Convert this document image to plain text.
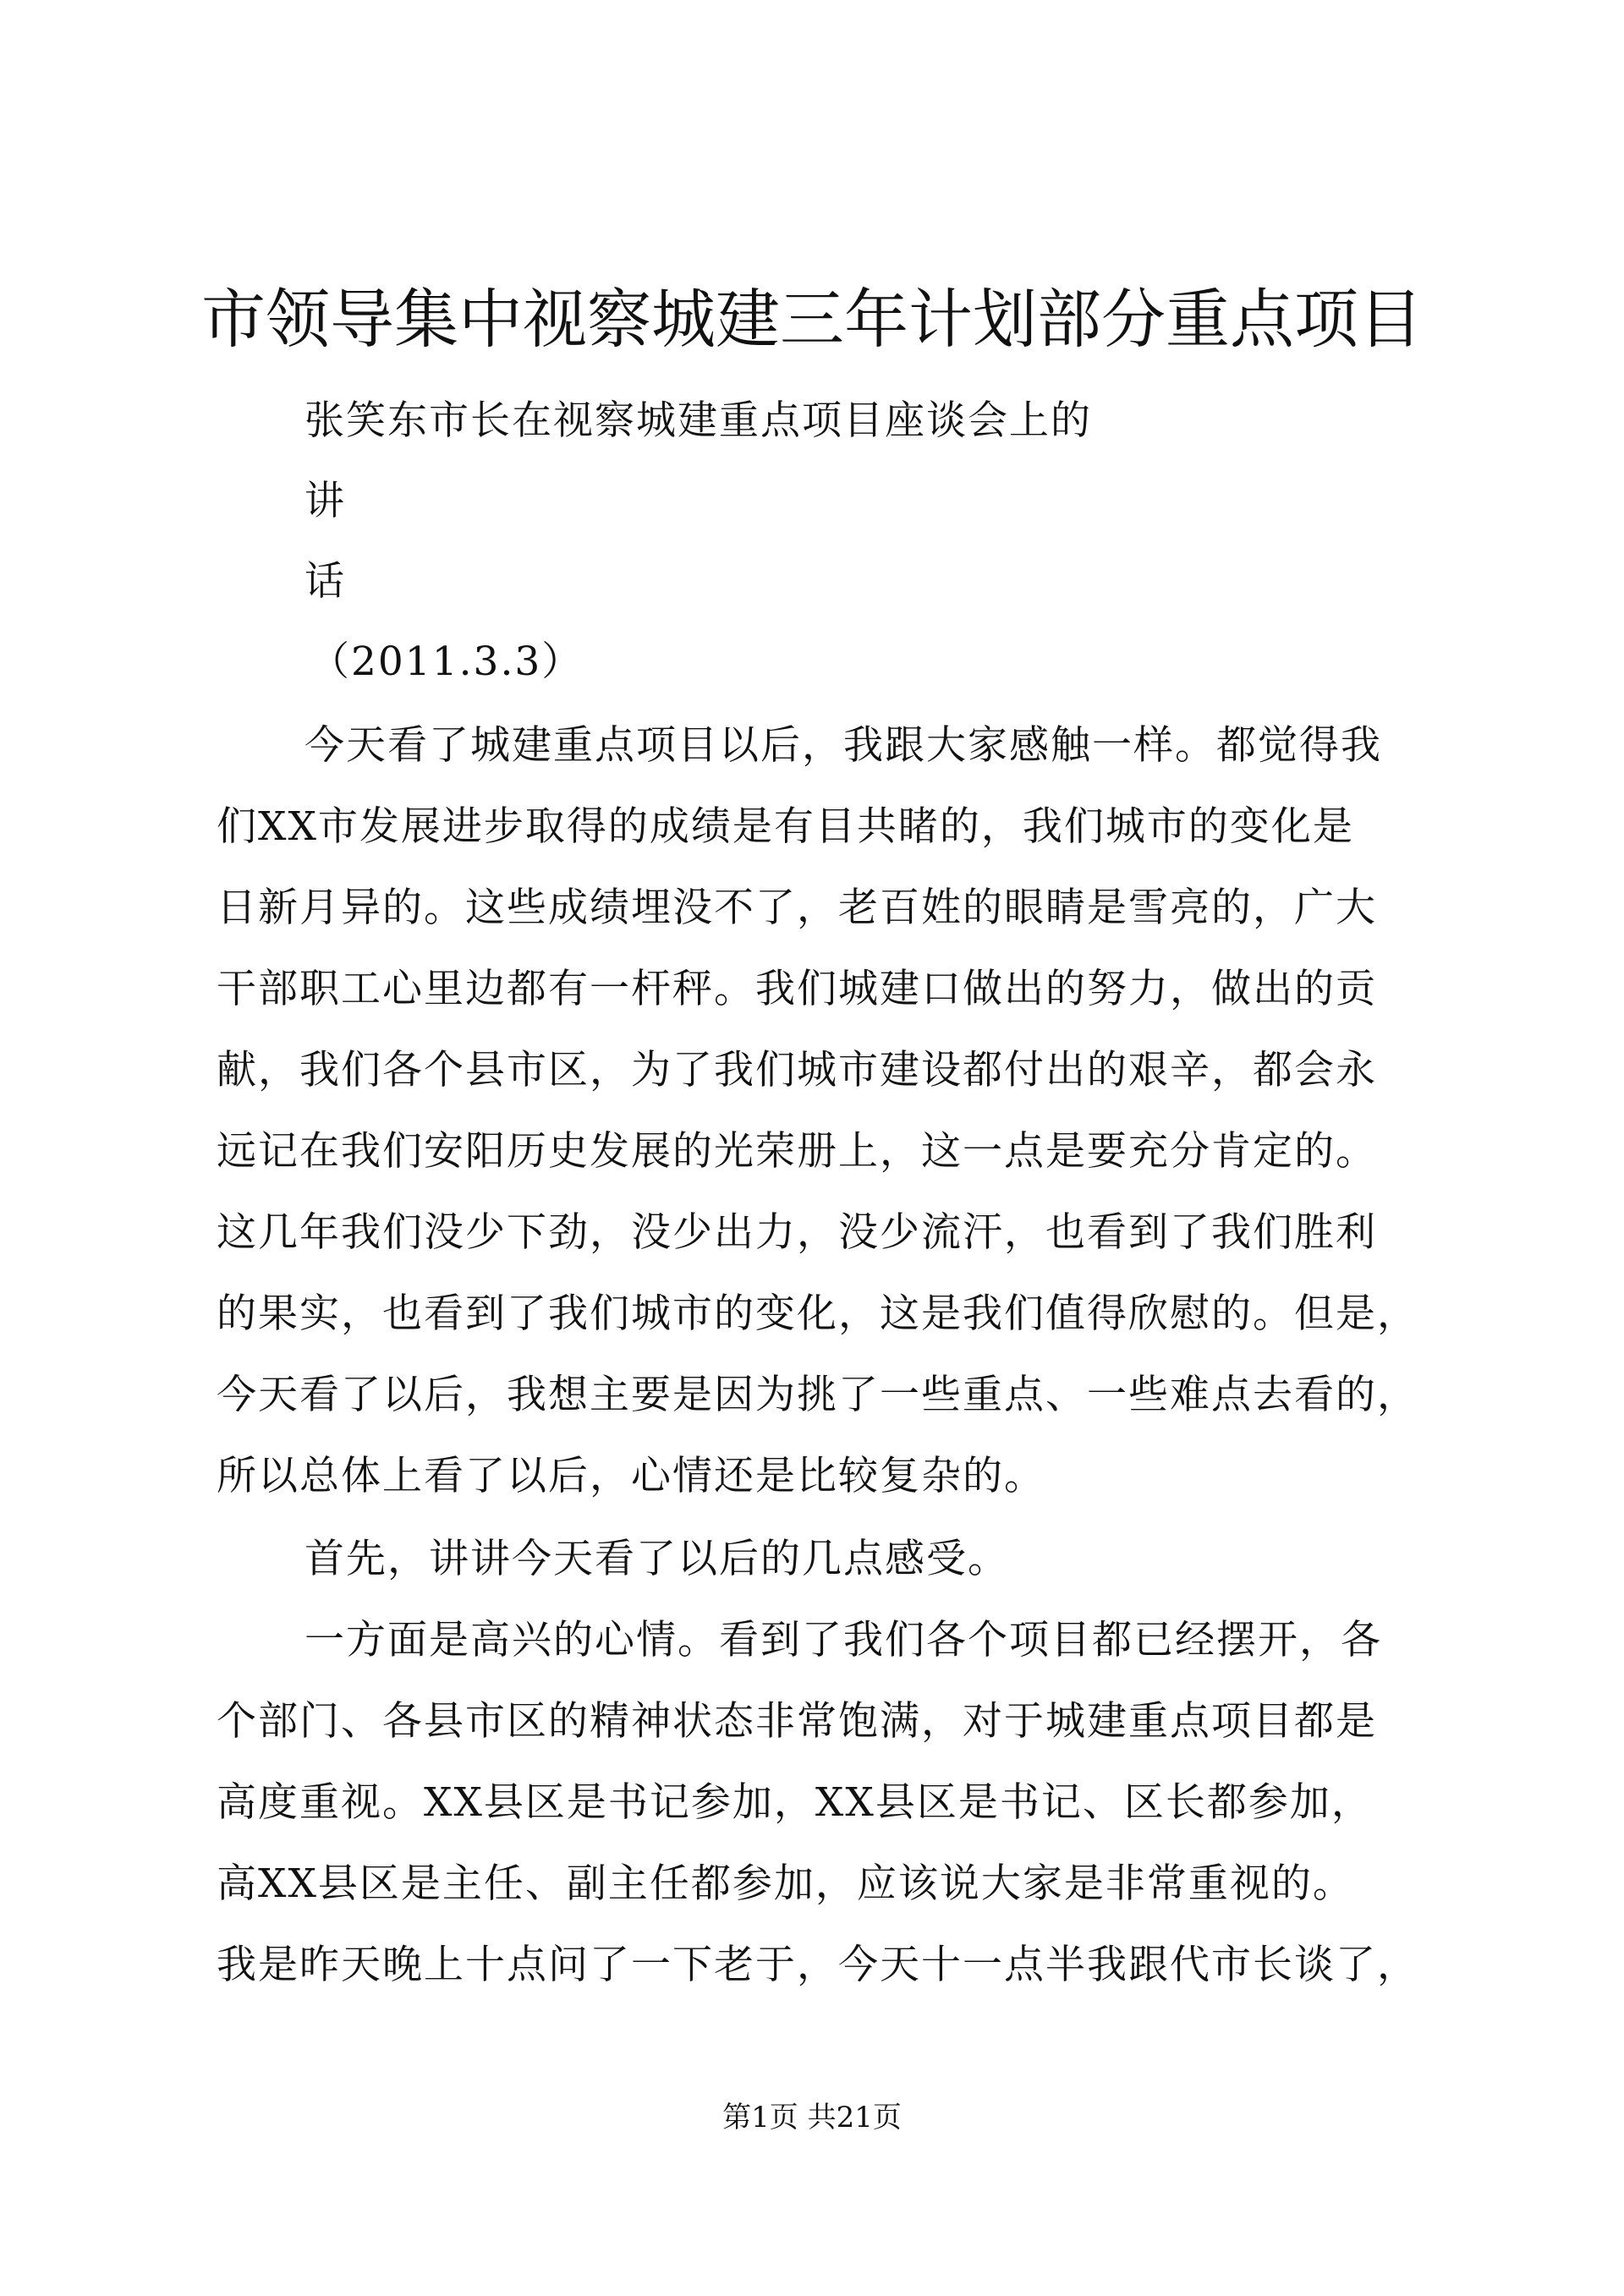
市领导集中视察城建三年计划部分重点项目

张笑东市长在视察城建重点项目座谈会上的

讲

话

（2011.3.3）

今天看了城建重点项目以后，我跟大家感触一样。都觉得我

们XX市发展进步取得的成绩是有目共睹的，我们城市的变化是

日新月异的。这些成绩埋没不了，老百姓的眼睛是雪亮的，广大

干部职工心里边都有一杆秤。我们城建口做出的努力，做出的贡

献，我们各个县市区，为了我们城市建设都付出的艰辛，都会永

远记在我们安阳历史发展的光荣册上，这一点是要充分肯定的。

这几年我们没少下劲，没少出力，没少流汗，也看到了我们胜利

的果实，也看到了我们城市的变化，这是我们值得欣慰的。但是，

今天看了以后，我想主要是因为挑了一些重点、一些难点去看的，

所以总体上看了以后，心情还是比较复杂的。

首先，讲讲今天看了以后的几点感受。

一方面是高兴的心情。看到了我们各个项目都已经摆开，各

个部门、各县市区的精神状态非常饱满，对于城建重点项目都是

高度重视。XX县区是书记参加，XX县区是书记、区长都参加，

高XX县区是主任、副主任都参加，应该说大家是非常重视的。

我是昨天晚上十点问了一下老于，今天十一点半我跟代市长谈了，

第1页 共21页
